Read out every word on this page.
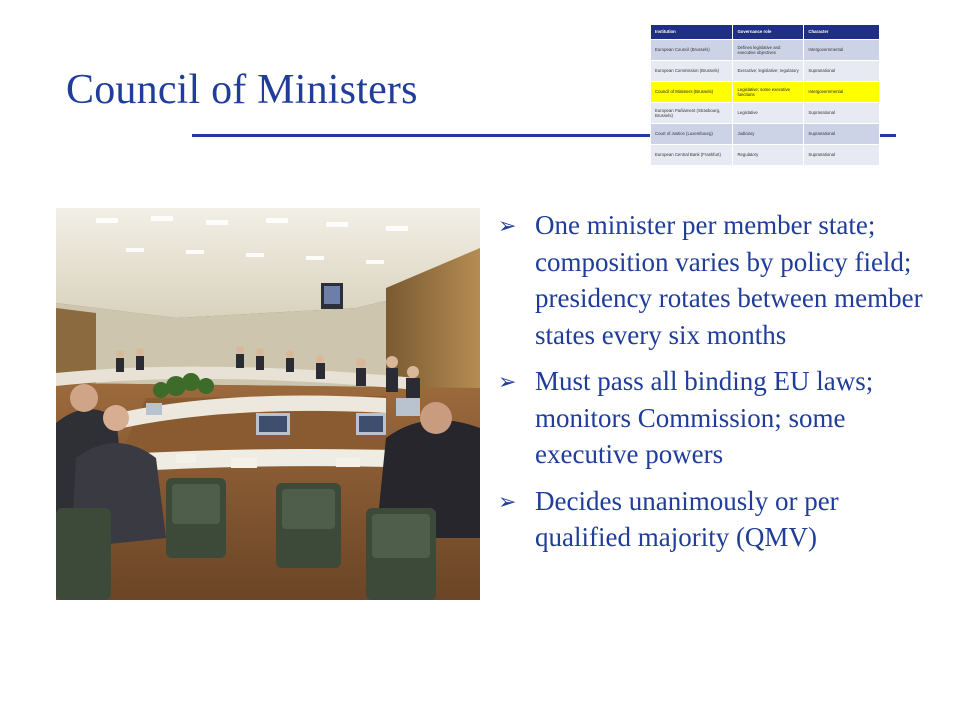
Council of Ministers
Institution	Governance role	Character
European Council (Brussels)	Defines legislative and executive objectives	Intergovernmental
European Commission (Brussels)	Executive; legislative; regulatory	Supranational
Council of Ministers (Brussels)	Legislative; some executive functions	Intergovernmental
European Parliament (Strasbourg, Brussels)	Legislative	Supranational
Court of Justice (Luxembourg)	Judiciary	Supranational
European Central Bank (Frankfurt)	Regulatory	Supranational
➢ One minister per member state; composition varies by policy field; presidency rotates between member states every six months
➢ Must pass all binding EU laws; monitors Commission; some executive powers
➢ Decides unanimously or per qualified majority (QMV)
